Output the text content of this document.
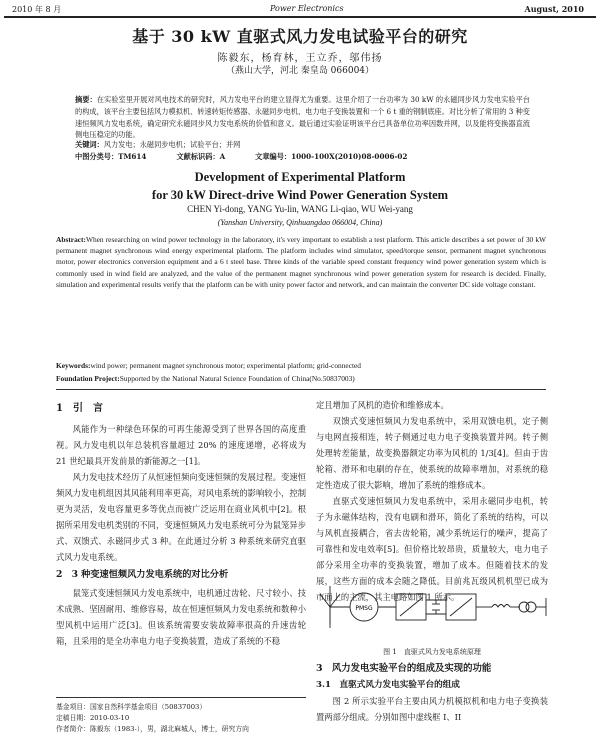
2010 年 8 月	Power Electronics	August, 2010
基于 30 kW 直驱式风力发电试验平台的研究
陈毅东，杨育林，王立乔，邬伟扬
（燕山大学，河北 秦皇岛 066004）
摘要：在实验室里开展对风电技术的研究时，风力发电平台的建立显得尤为重要。这里介绍了一台功率为 30 kW 的永磁同步风力发电实验平台的构成，该平台主要包括风力模拟机、转速转矩传感器、永磁同步电机、电力电子变换装置和一个 6 t 重的钢制底座。对比分析了常用的 3 种变速恒频风力发电系统，确定研究永磁同步风力发电系统的价值和意义。最后通过实验证明该平台已具备单位功率因数并网，以及能将变换器直流侧电压稳定的功能。
关键词：风力发电；永磁同步电机；试验平台；并网
中图分类号：TM614	文献标识码：A	文章编号：1000-100X(2010)08-0006-02
Development of Experimental Platform
for 30 kW Direct-drive Wind Power Generation System
CHEN Yi-dong, YANG Yu-lin, WANG Li-qiao, WU Wei-yang
(Yanshan University, Qinhuangdao 066004, China)
Abstract:When researching on wind power technology in the laboratory, it's very important to establish a test platform. This article describes a set power of 30 kW permanent magnet synchronous wind energy experimental platform. The platform includes wind simulator, speed/torque sensor, permanent magnet synchronous motor, power electronics conversion equipment and a 6 t steel base. Three kinds of the variable speed constant frequency wind power generation system which is commonly used in wind field are analyzed, and the value of the permanent magnet synchronous wind power generation system for research is decided. Finally, simulation and experimental results verify that the platform can be with unity power factor and network, and can maintain the converter DC side voltage constant.
Keywords:wind power; permanent magnet synchronous motor; experimental platform; grid-connected
Foundation Project:Supported by the National Natural Science Foundation of China(No.50837003)
1　引　言

风能作为一种绿色环保的可再生能源受到了世界各国的高度重视。风力发电机以年总装机容量超过 20% 的速度递增，必将成为 21 世纪最具开发前景的新能源之一[1]。

风力发电技术经历了从恒速恒频向变速恒频的发展过程。变速恒频风力发电机组因其风能利用率更高，对风电系统的影响较小，控制更为灵活，发电容量更多等优点而被广泛运用在商业风机中[2]。根据所采用发电机类别的不同，变速恒频风力发电系统可分为鼠笼异步式、双馈式、永磁同步式 3 种。在此通过分析 3 种系统来研究直驱式风力发电系统。

2　3 种变速恒频风力发电系统的对比分析

鼠笼式变速恒频风力发电系统中，电机通过齿轮、尺寸较小、技术成熟、坚固耐用、维修容易，故在恒速恒频风力发电系统和数种小型风机中运用广泛[3]。但该系统需要安装故障率很高的升速齿轮箱，且采用的是全功率电力电子变换装置，造成了系统的不稳

基金项目：国家自然科学基金项目（50837003）
定稿日期：2010-03-10
作者简介：陈毅东（1983-），男，湖北麻城人，博士，研究方向
定且增加了风机的造价和维修成本。

双馈式变速恒频风力发电系统中，采用双馈电机，定子侧与电网直接相连，转子侧通过电力电子变换装置并网。转子侧处理转差能量，故变换器额定功率为风机的 1/3[4]。但由于齿轮箱、滑环和电刷的存在，使系统的故障率增加，对系统的稳定性造成了很大影响，增加了系统的维修成本。

直驱式变速恒频风力发电系统中，采用永磁同步电机，转子为永磁体结构，没有电刷和滑环，简化了系统的结构，可以与风机直接耦合，省去齿轮箱，减少系统运行的噪声，提高了可靠性和发电效率[5]。但价格比较昂贵，质量较大，电力电子部分采用全功率的变换装置，增加了成本。但随着技术的发展，这些方面的成本会随之降低。目前兆瓦级风机机型已成为市面上的主流，其主电路如图 1 所示。

PMSG
图 1　直驱式风力发电系统原理
3　风力发电实验平台的组成及实现的功能
3.1　直驱式风力发电实验平台的组成

图 2 所示实验平台主要由风力机模拟机和电力电子变换装置两部分组成。分别如图中虚线框 I、II
